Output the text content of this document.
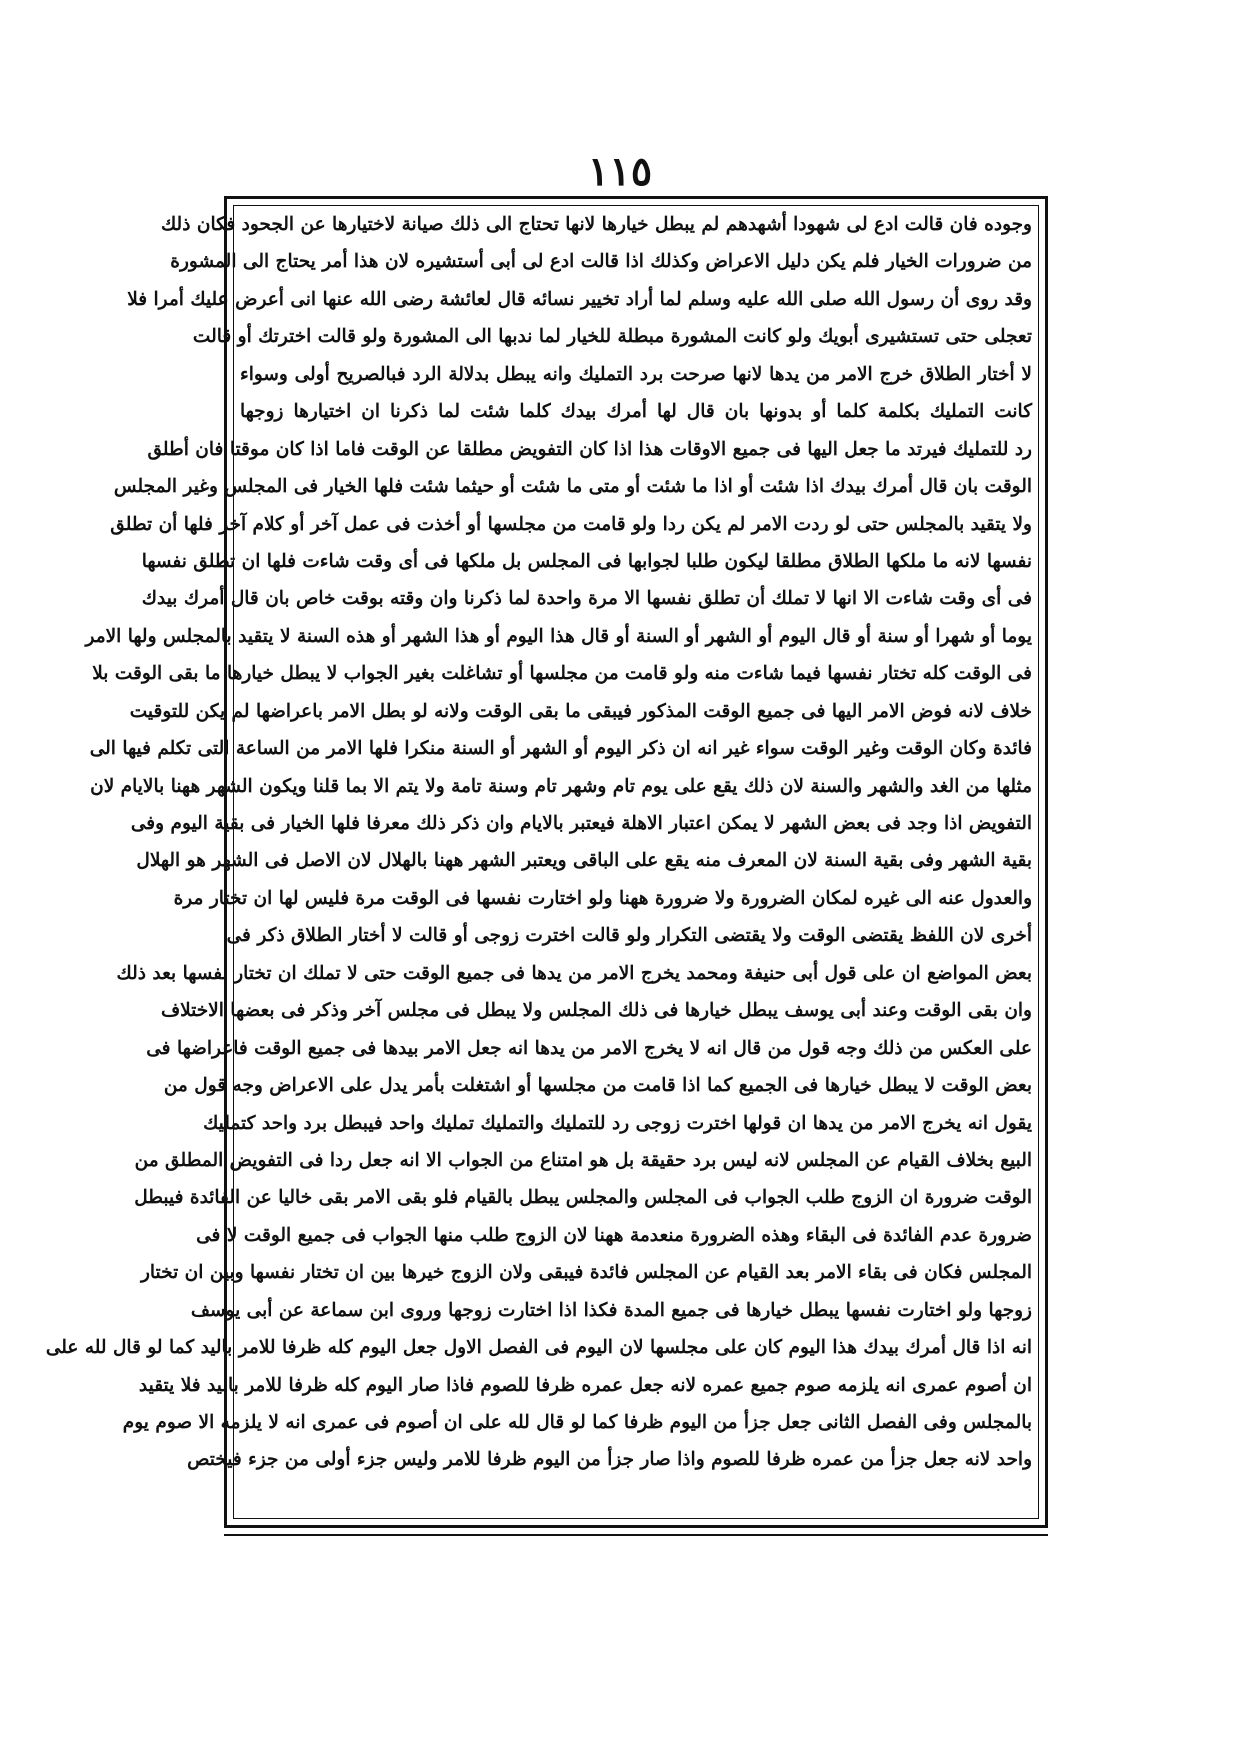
١١٥
وجوده فان قالت ادع لى شهودا أشهدهم لم يبطل خيارها لانها تحتاج الى ذلك صيانة لاختيارها عن الجحود فكان ذلك
من ضرورات الخيار فلم يكن دليل الاعراض وكذلك اذا قالت ادع لى أبى أستشيره لان هذا أمر يحتاج الى المشورة
وقد روى أن رسول الله صلى الله عليه وسلم لما أراد تخيير نسائه قال لعائشة رضى الله عنها انى أعرض عليك أمرا فلا
تعجلى حتى تستشيرى أبويك ولو كانت المشورة مبطلة للخيار لما ندبها الى المشورة ولو قالت اخترتك أو قالت
لا أختار الطلاق خرج الامر من يدها لانها صرحت برد التمليك وانه يبطل بدلالة الرد فبالصريح أولى وسواء
كانت التمليك بكلمة كلما أو بدونها بان قال لها أمرك بيدك كلما شئت لما ذكرنا ان اختيارها زوجها
رد للتمليك فيرتد ما جعل اليها فى جميع الاوقات هذا اذا كان التفويض مطلقا عن الوقت فاما اذا كان موقتا فان أطلق
الوقت بان قال أمرك بيدك اذا شئت أو اذا ما شئت أو متى ما شئت أو حيثما شئت فلها الخيار فى المجلس وغير المجلس
ولا يتقيد بالمجلس حتى لو ردت الامر لم يكن ردا ولو قامت من مجلسها أو أخذت فى عمل آخر أو كلام آخر فلها أن تطلق
نفسها لانه ما ملكها الطلاق مطلقا ليكون طلبا لجوابها فى المجلس بل ملكها فى أى وقت شاءت فلها ان تطلق نفسها
فى أى وقت شاءت الا انها لا تملك أن تطلق نفسها الا مرة واحدة لما ذكرنا وان وقته بوقت خاص بان قال أمرك بيدك
يوما أو شهرا أو سنة أو قال اليوم أو الشهر أو السنة أو قال هذا اليوم أو هذا الشهر أو هذه السنة لا يتقيد بالمجلس ولها الامر
فى الوقت كله تختار نفسها فيما شاءت منه ولو قامت من مجلسها أو تشاغلت بغير الجواب لا يبطل خيارها ما بقى الوقت بلا
خلاف لانه فوض الامر اليها فى جميع الوقت المذكور فيبقى ما بقى الوقت ولانه لو بطل الامر باعراضها لم يكن للتوقيت
فائدة وكان الوقت وغير الوقت سواء غير انه ان ذكر اليوم أو الشهر أو السنة منكرا فلها الامر من الساعة التى تكلم فيها الى
مثلها من الغد والشهر والسنة لان ذلك يقع على يوم تام وشهر تام وسنة تامة ولا يتم الا بما قلنا ويكون الشهر ههنا بالايام لان
التفويض اذا وجد فى بعض الشهر لا يمكن اعتبار الاهلة فيعتبر بالايام وان ذكر ذلك معرفا فلها الخيار فى بقية اليوم وفى
بقية الشهر وفى بقية السنة لان المعرف منه يقع على الباقى ويعتبر الشهر ههنا بالهلال لان الاصل فى الشهر هو الهلال
والعدول عنه الى غيره لمكان الضرورة ولا ضرورة ههنا ولو اختارت نفسها فى الوقت مرة فليس لها ان تختار مرة
أخرى لان اللفظ يقتضى الوقت ولا يقتضى التكرار ولو قالت اخترت زوجى أو قالت لا أختار الطلاق ذكر فى
بعض المواضع ان على قول أبى حنيفة ومحمد يخرج الامر من يدها فى جميع الوقت حتى لا تملك ان تختار نفسها بعد ذلك
وان بقى الوقت وعند أبى يوسف يبطل خيارها فى ذلك المجلس ولا يبطل فى مجلس آخر وذكر فى بعضها الاختلاف
على العكس من ذلك وجه قول من قال انه لا يخرج الامر من يدها انه جعل الامر بيدها فى جميع الوقت فاعراضها فى
بعض الوقت لا يبطل خيارها فى الجميع كما اذا قامت من مجلسها أو اشتغلت بأمر يدل على الاعراض وجه قول من
يقول انه يخرج الامر من يدها ان قولها اخترت زوجى رد للتمليك والتمليك تمليك واحد فيبطل برد واحد كتمليك
البيع بخلاف القيام عن المجلس لانه ليس برد حقيقة بل هو امتناع من الجواب الا انه جعل ردا فى التفويض المطلق من
الوقت ضرورة ان الزوج طلب الجواب فى المجلس والمجلس يبطل بالقيام فلو بقى الامر بقى خاليا عن الفائدة فيبطل
ضرورة عدم الفائدة فى البقاء وهذه الضرورة منعدمة ههنا لان الزوج طلب منها الجواب فى جميع الوقت لا فى
المجلس فكان فى بقاء الامر بعد القيام عن المجلس فائدة فيبقى ولان الزوج خيرها بين ان تختار نفسها وبين ان تختار
زوجها ولو اختارت نفسها يبطل خيارها فى جميع المدة فكذا اذا اختارت زوجها وروى ابن سماعة عن أبى يوسف
انه اذا قال أمرك بيدك هذا اليوم كان على مجلسها لان اليوم فى الفصل الاول جعل اليوم كله ظرفا للامر باليد كما لو قال لله على
ان أصوم عمرى انه يلزمه صوم جميع عمره لانه جعل عمره ظرفا للصوم فاذا صار اليوم كله ظرفا للامر باليد فلا يتقيد
بالمجلس وفى الفصل الثانى جعل جزأ من اليوم ظرفا كما لو قال لله على ان أصوم فى عمرى انه لا يلزمه الا صوم يوم
واحد لانه جعل جزأ من عمره ظرفا للصوم واذا صار جزأ من اليوم ظرفا للامر وليس جزء أولى من جزء فيختص
